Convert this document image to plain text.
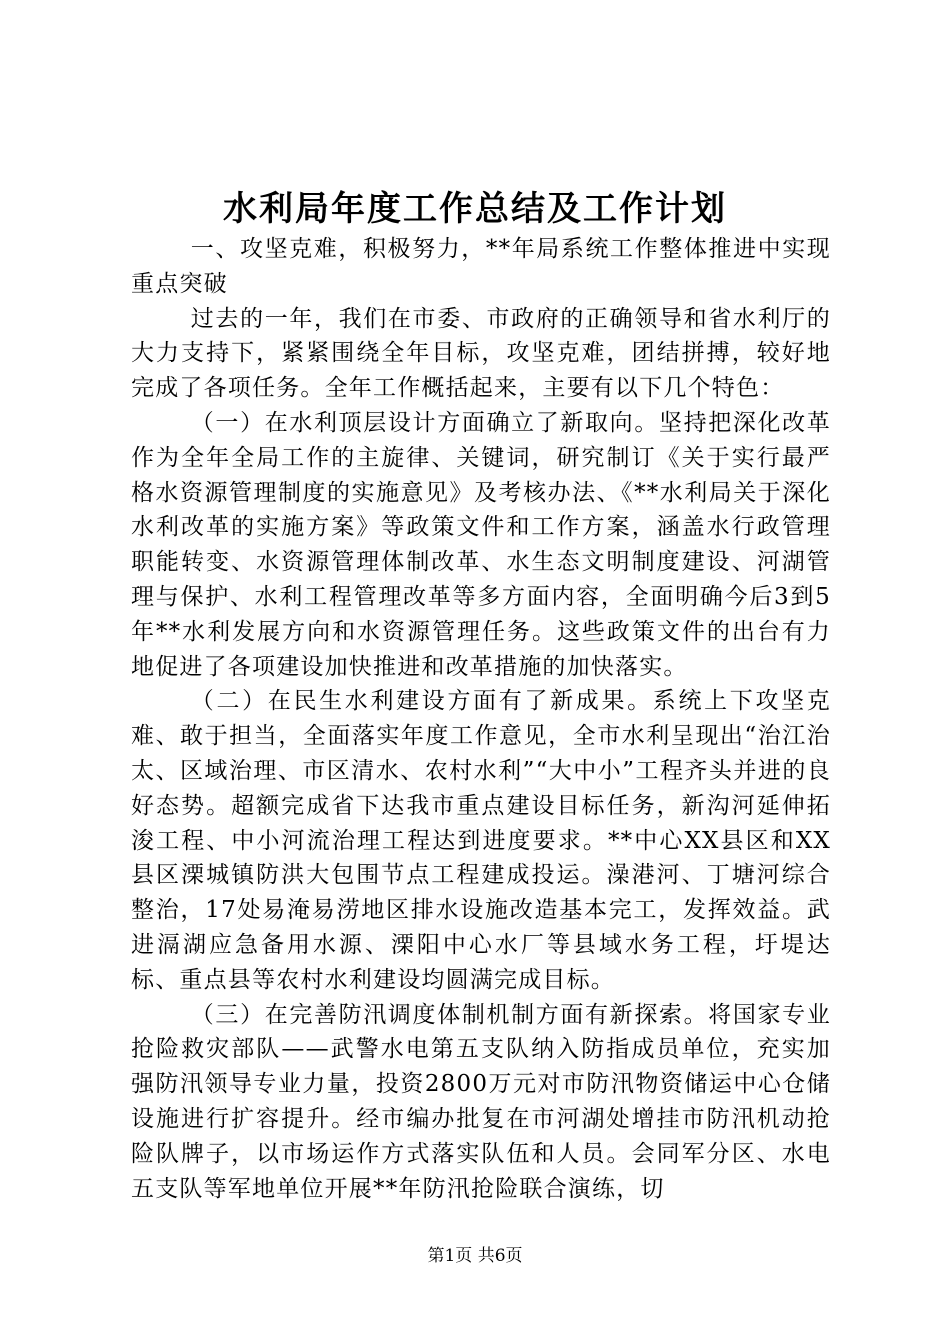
水利局年度工作总结及工作计划

一、攻坚克难，积极努力，**年局系统工作整体推进中实现重点突破

过去的一年，我们在市委、市政府的正确领导和省水利厅的大力支持下，紧紧围绕全年目标，攻坚克难，团结拼搏，较好地完成了各项任务。全年工作概括起来，主要有以下几个特色：

（一）在水利顶层设计方面确立了新取向。坚持把深化改革作为全年全局工作的主旋律、关键词，研究制订《关于实行最严格水资源管理制度的实施意见》及考核办法、《**水利局关于深化水利改革的实施方案》等政策文件和工作方案，涵盖水行政管理职能转变、水资源管理体制改革、水生态文明制度建设、河湖管理与保护、水利工程管理改革等多方面内容，全面明确今后3到5年**水利发展方向和水资源管理任务。这些政策文件的出台有力地促进了各项建设加快推进和改革措施的加快落实。

（二）在民生水利建设方面有了新成果。系统上下攻坚克难、敢于担当，全面落实年度工作意见，全市水利呈现出“治江治太、区域治理、市区清水、农村水利”“大中小”工程齐头并进的良好态势。超额完成省下达我市重点建设目标任务，新沟河延伸拓浚工程、中小河流治理工程达到进度要求。**中心XX县区和XX县区溧城镇防洪大包围节点工程建成投运。澡港河、丁塘河综合整治，17处易淹易涝地区排水设施改造基本完工，发挥效益。武进滆湖应急备用水源、溧阳中心水厂等县域水务工程，圩堤达标、重点县等农村水利建设均圆满完成目标。

（三）在完善防汛调度体制机制方面有新探索。将国家专业抢险救灾部队——武警水电第五支队纳入防指成员单位，充实加强防汛领导专业力量，投资2800万元对市防汛物资储运中心仓储设施进行扩容提升。经市编办批复在市河湖处增挂市防汛机动抢险队牌子，以市场运作方式落实队伍和人员。会同军分区、水电五支队等军地单位开展**年防汛抢险联合演练，切

第1页 共6页
